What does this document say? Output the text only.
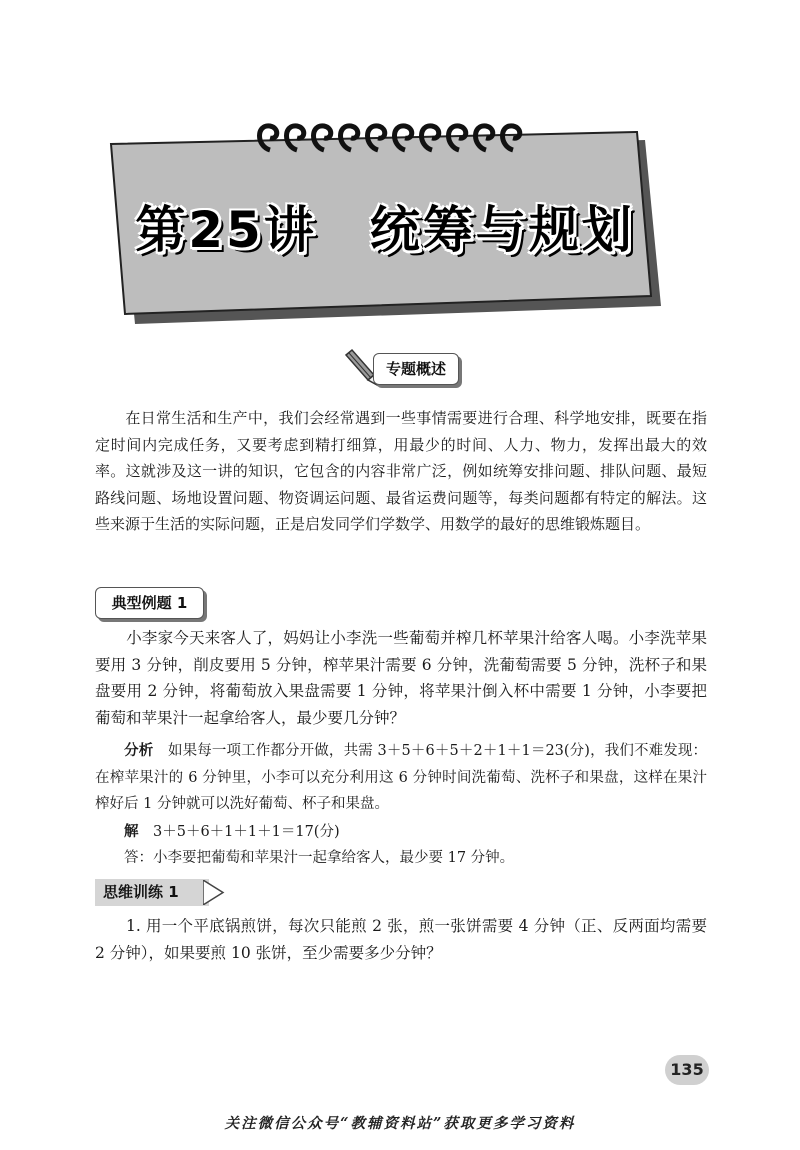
第25讲　统筹与规划
专题概述

  在日常生活和生产中，我们会经常遇到一些事情需要进行合理、科学地安排，既要在指定时间内完成任务，又要考虑到精打细算，用最少的时间、人力、物力，发挥出最大的效率。这就涉及这一讲的知识，它包含的内容非常广泛，例如统筹安排问题、排队问题、最短路线问题、场地设置问题、物资调运问题、最省运费问题等，每类问题都有特定的解法。这些来源于生活的实际问题，正是启发同学们学数学、用数学的最好的思维锻炼题目。

典型例题 1

  小李家今天来客人了，妈妈让小李洗一些葡萄并榨几杯苹果汁给客人喝。小李洗苹果要用 3 分钟，削皮要用 5 分钟，榨苹果汁需要 6 分钟，洗葡萄需要 5 分钟，洗杯子和果盘要用 2 分钟，将葡萄放入果盘需要 1 分钟，将苹果汁倒入杯中需要 1 分钟，小李要把葡萄和苹果汁一起拿给客人，最少要几分钟？

  分析  如果每一项工作都分开做，共需 3＋5＋6＋5＋2＋1＋1＝23(分)，我们不难发现：在榨苹果汁的 6 分钟里，小李可以充分利用这 6 分钟时间洗葡萄、洗杯子和果盘，这样在果汁榨好后 1 分钟就可以洗好葡萄、杯子和果盘。

  解  3＋5＋6＋1＋1＋1＝17(分)

  答：小李要把葡萄和苹果汁一起拿给客人，最少要 17 分钟。

思维训练 1

  1. 用一个平底锅煎饼，每次只能煎 2 张，煎一张饼需要 4 分钟（正、反两面均需要 2 分钟），如果要煎 10 张饼，至少需要多少分钟？

135
关注微信公众号“教辅资料站”获取更多学习资料
